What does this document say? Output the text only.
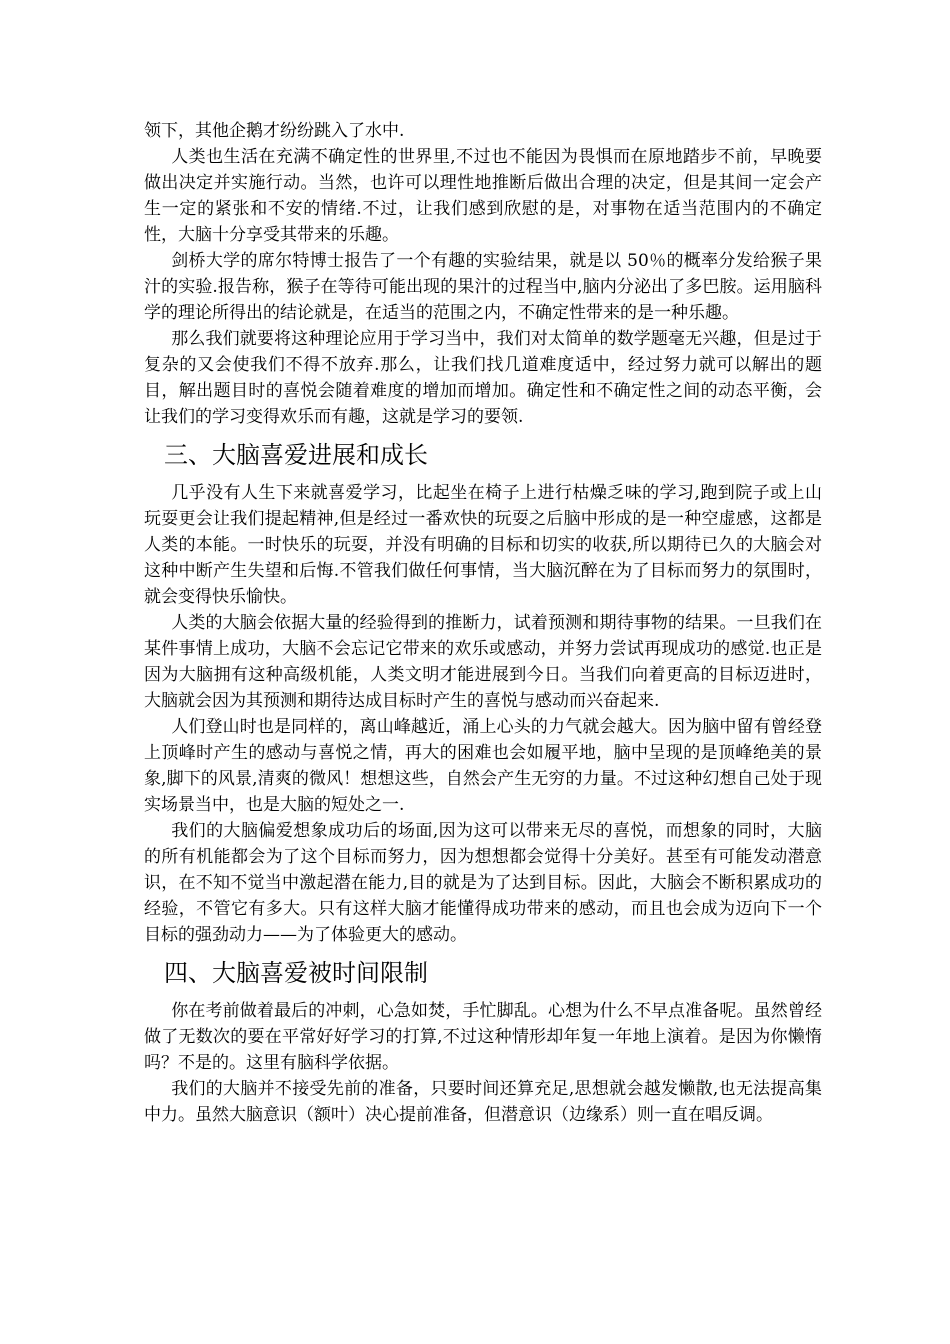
领下，其他企鹅才纷纷跳入了水中.

人类也生活在充满不确定性的世界里,不过也不能因为畏惧而在原地踏步不前，早晚要做出决定并实施行动。当然，也许可以理性地推断后做出合理的决定，但是其间一定会产生一定的紧张和不安的情绪.不过，让我们感到欣慰的是，对事物在适当范围内的不确定性，大脑十分享受其带来的乐趣。

剑桥大学的席尔特博士报告了一个有趣的实验结果，就是以 50％的概率分发给猴子果汁的实验.报告称，猴子在等待可能出现的果汁的过程当中,脑内分泌出了多巴胺。运用脑科学的理论所得出的结论就是，在适当的范围之内，不确定性带来的是一种乐趣。

那么我们就要将这种理论应用于学习当中，我们对太简单的数学题毫无兴趣，但是过于复杂的又会使我们不得不放弃.那么，让我们找几道难度适中，经过努力就可以解出的题目，解出题目时的喜悦会随着难度的增加而增加。确定性和不确定性之间的动态平衡，会让我们的学习变得欢乐而有趣，这就是学习的要领.

三、大脑喜爱进展和成长

几乎没有人生下来就喜爱学习，比起坐在椅子上进行枯燥乏味的学习,跑到院子或上山玩耍更会让我们提起精神,但是经过一番欢快的玩耍之后脑中形成的是一种空虚感，这都是人类的本能。一时快乐的玩耍，并没有明确的目标和切实的收获,所以期待已久的大脑会对这种中断产生失望和后悔.不管我们做任何事情，当大脑沉醉在为了目标而努力的氛围时，就会变得快乐愉快。

人类的大脑会依据大量的经验得到的推断力，试着预测和期待事物的结果。一旦我们在某件事情上成功，大脑不会忘记它带来的欢乐或感动，并努力尝试再现成功的感觉.也正是因为大脑拥有这种高级机能，人类文明才能进展到今日。当我们向着更高的目标迈进时，大脑就会因为其预测和期待达成目标时产生的喜悦与感动而兴奋起来.

人们登山时也是同样的，离山峰越近，涌上心头的力气就会越大。因为脑中留有曾经登上顶峰时产生的感动与喜悦之情，再大的困难也会如履平地，脑中呈现的是顶峰绝美的景象,脚下的风景,清爽的微风！想想这些，自然会产生无穷的力量。不过这种幻想自己处于现实场景当中，也是大脑的短处之一.

我们的大脑偏爱想象成功后的场面,因为这可以带来无尽的喜悦，而想象的同时，大脑的所有机能都会为了这个目标而努力，因为想想都会觉得十分美好。甚至有可能发动潜意识，在不知不觉当中激起潜在能力,目的就是为了达到目标。因此，大脑会不断积累成功的经验，不管它有多大。只有这样大脑才能懂得成功带来的感动，而且也会成为迈向下一个目标的强劲动力——为了体验更大的感动。

四、大脑喜爱被时间限制

你在考前做着最后的冲刺，心急如焚，手忙脚乱。心想为什么不早点准备呢。虽然曾经做了无数次的要在平常好好学习的打算,不过这种情形却年复一年地上演着。是因为你懒惰吗？不是的。这里有脑科学依据。

我们的大脑并不接受先前的准备，只要时间还算充足,思想就会越发懒散,也无法提高集中力。虽然大脑意识（额叶）决心提前准备，但潜意识（边缘系）则一直在唱反调。
